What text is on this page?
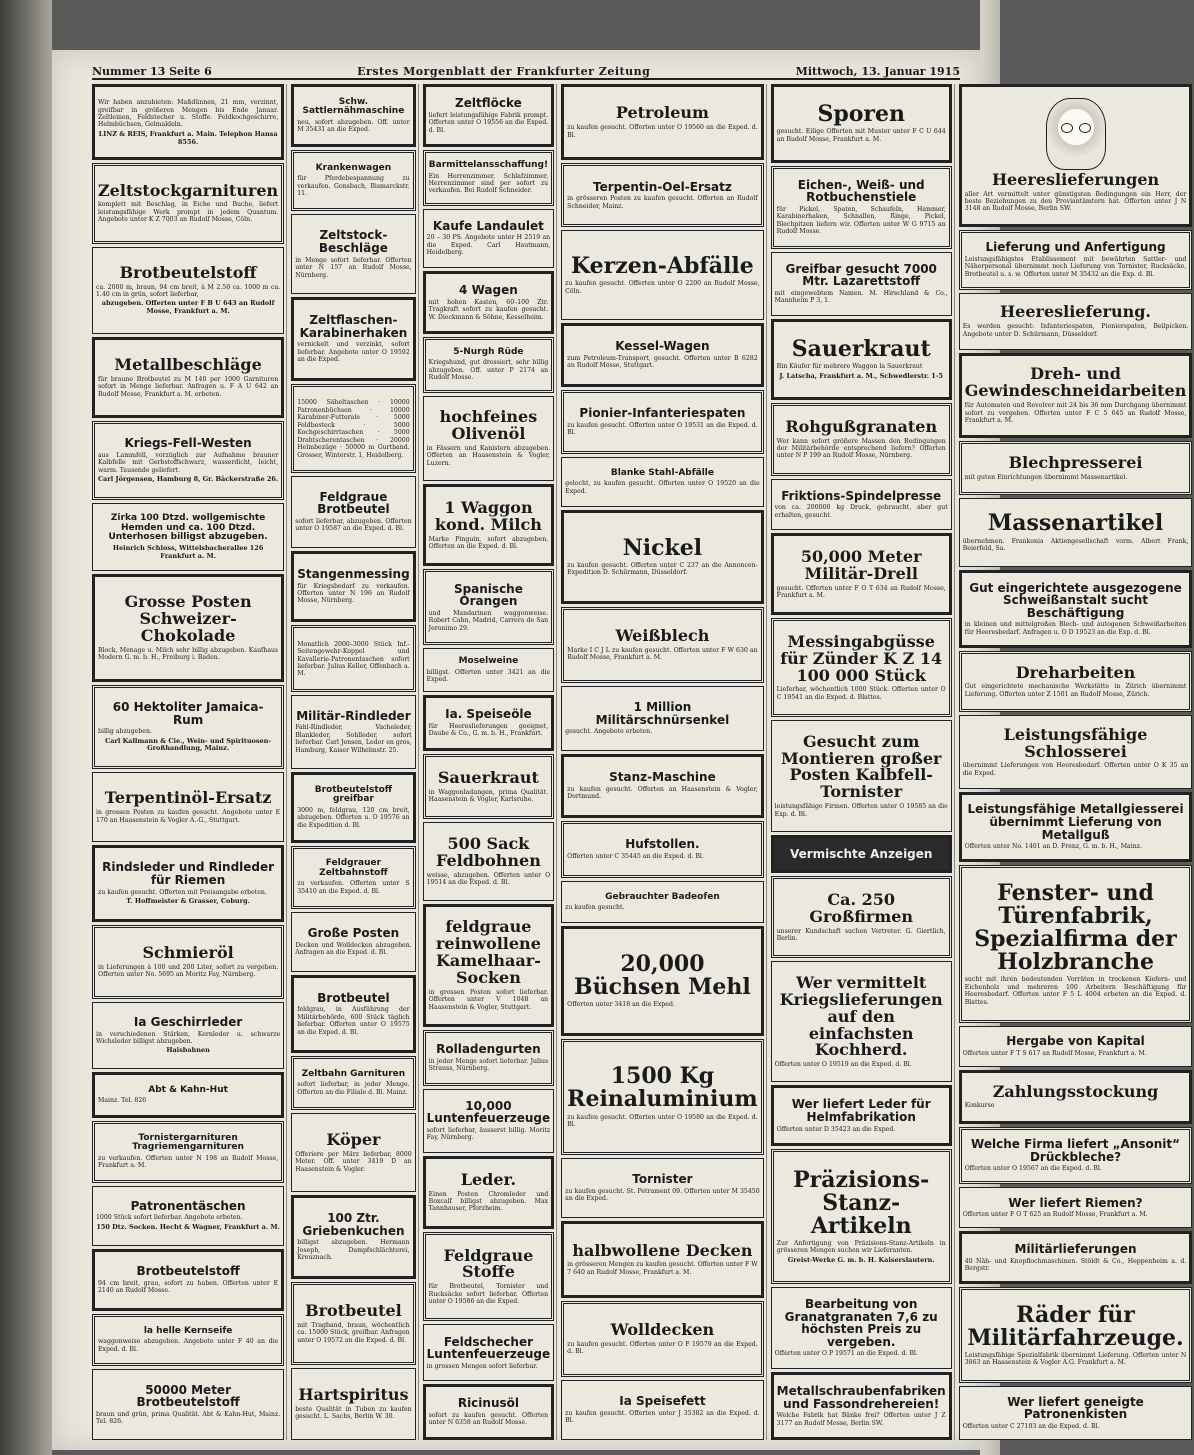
Nummer 13 Seite 6	Erstes Morgenblatt der Frankfurter Zeitung	Mittwoch, 13. Januar 1915
Wir haben anzubieten: Maßdünnen, 21 mm, verzinnt, greifbar in größeren Mengen bis Ende Januar. Zeltleinen, Feldstecher u. Stoffe. Feldkochgeschirre, Helmbüchsen, Gelmaldeln.
LINZ & REIS, Frankfurt a. Main. Telephon Hansa 8556.
Zeltstockgarnituren
komplett mit Beschlag, in Eiche und Buche, liefert leistungsfähige Werk prompt in jedem Quantum. Angebote unter K Z 7003 an Rudolf Mosse, Cöln.
Brotbeutelstoff
ca. 2000 m, braun, 94 cm breit, à M 2.50 ca. 1000 m ca. 1.40 cm in grün, sofort lieferbar,
abzugeben. Offerten unter F B U 643 an Rudolf Mosse, Frankfurt a. M.
Metallbeschläge
für braune Brotbeutel zu M 140 per 1000 Garnituren sofort in Menge lieferbar. Anfragen u. F A U 642 an Rudolf Mosse, Frankfurt a. M. erbeten.
Kriegs-Fell-Westen
aus Lammfell, vorzüglich zur Aufnahme brauner Kalbfelle mit Gerbstoffschwarz, wasserdicht, leicht, warm. Tausende geliefert.
Carl Jörgensen, Hamburg 8, Gr. Bäckerstraße 26.
Zirka 100 Dtzd. wollgemischte Hemden und ca. 100 Dtzd. Unterhosen billigst abzugeben.
Heinrich Schloss, Wittelsbacherallee 126 Frankfurt a. M.
Grosse Posten Schweizer-Chokolade
Block, Menage u. Milch sehr billig abzugeben. Kaufhaus Modern G. m. b. H., Freiburg i. Baden.
60 Hektoliter Jamaica-Rum
billig abzugeben.
Carl Kallmann & Cie., Wein- und Spirituosen-Großhandlung, Mainz.
Terpentinöl-Ersatz
in grossen Posten zu kaufen gesucht. Angebote unter E 170 an Haasenstein & Vogler A.-G., Stuttgart.
Rindsleder und Rindleder für Riemen
zu kaufen gesucht. Offerten mit Preisangabe erbeten.
T. Hoffmeister & Grasser, Coburg.
Schmieröl
in Lieferungen à 100 und 200 Liter, sofort zu vergeben. Offerten unter No. 5695 an Moritz Fay, Nürnberg.
Ia Geschirrleder
in verschiedenen Stärken, Kernleder u. schwarze Wichsleder billigst abzugeben.
Haisbahnen
Abt & Kahn-Hut
Mainz. Tel. 826
Tornistergarnituren Tragriemengarnituren
zu verkaufen. Offerten unter N 198 an Rudolf Mosse, Frankfurt a. M.
Patronentäschen
1000 Stück sofort lieferbar. Angebote erbeten.
150 Dtz. Socken. Hecht & Wagner, Frankfurt a. M.
Brotbeutelstoff
94 cm breit, grau, sofort zu haben. Offerten unter E 2140 an Rudolf Mosse.
la helle Kernseife
waggonweise abzugeben. Angebote unter F 40 an die Exped. d. Bl.
50000 Meter Brotbeutelstoff
braun und grün, prima Qualität. Abt & Kahn-Hut, Mainz. Tel. 826.
Schw. Sattlernähmaschine
neu, sofort abzugeben. Off. unter M 35431 an die Exped.
Krankenwagen
für Pferdebespannung zu verkaufen. Gonsbach, Bismarckstr. 11.
Zeltstock-Beschläge
in Menge sofort lieferbar. Offerten unter N 157 an Rudolf Mosse, Nürnberg.
Zeltflaschen-Karabinerhaken
vernickelt und verzinkt, sofort lieferbar. Angebote unter O 19592 an die Exped.
15000 Säbeltaschen · 10000 Patronenbüchsen · 10000 Karabiner-Futterale · 5000 Feldbesteck · 5000 Kochgeschirrtaschen · 5000 Drahtscherentaschen · 20000 Helmbezüge · 50000 m Gurtband. Grosser, Winterstr. 1, Heidelberg.
Feldgraue Brotbeutel
sofort lieferbar, abzugeben. Offerten unter O 19587 an die Exped. d. Bl.
Stangenmessing
für Kriegsbedarf zu verkaufen. Offerten unter N 196 an Rudolf Mosse, Nürnberg.
Monatlich 2000–3000 Stück Inf.-Seitengewehr-Koppel und Kavallerie-Patronentaschen sofort lieferbar. Julius Keller, Offenbach a. M.
Militär-Rindleder
Fahl-Rindleder, Vacheleder, Blankleder, Sohlleder, sofort lieferbar. Carl Jensen, Leder en gros, Hamburg, Kaiser Wilhelmstr. 25.
Brotbeutelstoff greifbar
3000 m, feldgrau, 120 cm breit, abzugeben. Offerten u. O 19576 an die Expedition d. Bl.
Feldgrauer Zeltbahnstoff
zu verkaufen. Offerten unter S 35410 an die Exped. d. Bl.
Große Posten
Decken und Wolldecken abzugeben. Anfragen an die Exped. d. Bl.
Brotbeutel
feldgrau, in Ausführung der Militärbehörde, 600 Stück täglich lieferbar. Offerten unter O 19575 an die Exped. d. Bl.
Zeltbahn Garnituren
sofort lieferbar, in jeder Menge. Offerten an die Filiale d. Bl. Mainz.
Köper
Offeriere per März lieferbar, 8000 Meter. Off. unter 3419 D an Haasenstein & Vogler.
100 Ztr. Griebenkuchen
billigst abzugeben. Hermann Joseph, Dampfschlächterei, Kreuznach.
Brotbeutel
mit Tragband, braun, wöchentlich ca. 15000 Stück, greifbar. Anfragen unter O 19572 an die Exped. d. Bl.
Hartspiritus
beste Qualität in Tuben zu kaufen gesucht. L. Sachs, Berlin W. 30.
Zeltflöcke
liefert leistungsfähige Fabrik prompt. Offerten unter O 19556 an die Exped. d. Bl.
Barmittelansschaffung!
Ein Herrenzimmer, Schlafzimmer, Herrenzimmer sind per sofort zu verkaufen. Bei Rudolf Schneider.
Kaufe Landaulet
20 – 30 PS. Angebote unter H 2519 an die Exped. Carl Hautmann, Heidelberg.
4 Wagen
mit hohen Kasten, 60–100 Ztr. Tragkraft sofort zu kaufen gesucht. W. Dieckmann & Söhne, Kesselheim.
5-Nurgh Rüde
Kriegshund, gut dressiert, sehr billig abzugeben. Off. unter P 2174 an Rudolf Mosse.
hochfeines Olivenöl
in Fässern und Kanistern abzugeben. Offerten an Haasenstein & Vogler, Luzern.
1 Waggon kond. Milch
Marke Pinguin, sofort abzugeben. Offerten an die Exped. d. Bl.
Spanische Orangen
und Mandarinen waggonweise. Robert Cahn, Madrid, Carrera de San Jeronimo 29.
Moselweine
billigst. Offerten unter 3421 an die Exped.
Ia. Speiseöle
für Heereslieferungen geeignet, Daube & Co., G. m. b. H., Frankfurt.
Sauerkraut
in Waggonladungen, prima Qualität. Haasenstein & Vogler, Karlsruhe.
500 Sack Feldbohnen
weisse, abzugeben. Offerten unter O 19514 an die Exped. d. Bl.
feldgraue reinwollene Kamelhaar-Socken
in grossen Posten sofort lieferbar. Offerten unter V 1048 an Haasenstein & Vogler, Stuttgart.
Rolladengurten
in jeder Menge sofort lieferbar. Julius Strauss, Nürnberg.
10,000 Luntenfeuerzeuge
sofort lieferbar, äusserst billig. Moritz Fay, Nürnberg.
Leder.
Einen Posten Chromleder und Boxcalf billigst abzugeben. Max Tannhauser, Pforzheim.
Feldgraue Stoffe
für Brotbeutel, Tornister und Rucksäcke sofort lieferbar. Offerten unter O 19586 an die Exped.
Feldschecher Luntenfeuerzeuge
in grossen Mengen sofort lieferbar.
Ricinusöl
sofort zu kaufen gesucht. Offerten unter N 6358 an Rudolf Mosse.
Petroleum
zu kaufen gesucht. Offerten unter O 19560 an die Exped. d. Bl.
Terpentin-Oel-Ersatz
in grösseren Posten zu kaufen gesucht. Offerten an Rudolf Schneider, Mainz.
Kerzen-Abfälle
zu kaufen gesucht. Offerten unter O 2200 an Rudolf Mosse, Cöln.
Kessel-Wagen
zum Petroleum-Transport, gesucht. Offerten unter B 6282 an Rudolf Mosse, Stuttgart.
Pionier-Infanteriespaten
zu kaufen gesucht. Offerten unter O 19531 an die Exped. d. Bl.
Blanke Stahl-Abfälle
gelocht, zu kaufen gesucht. Offerten unter O 19520 an die Exped.
Nickel
zu kaufen gesucht. Offerten unter C 237 an die Annoncen-Expedition D. Schürmann, Düsseldorf.
Weißblech
Marke I C J L zu kaufen gesucht. Offerten unter F W 630 an Rudolf Mosse, Frankfurt a. M.
1 Million Militärschnürsenkel
gesucht. Angebote erbeten.
Stanz-Maschine
zu kaufen gesucht. Offerten an Haasenstein & Vogler, Dortmund.
Hufstollen.
Offerten unter C 35445 an die Exped. d. Bl.
Gebrauchter Badeofen
zu kaufen gesucht.
20,000 Büchsen Mehl
Offerten unter 3418 an die Exped.
1500 Kg Reinaluminium
zu kaufen gesucht. Offerten unter O 19580 an die Exped. d. Bl.
Tornister
zu kaufen gesucht. St. Petrament 09. Offerten unter M 35450 an die Exped.
halbwollene Decken
in grösseren Mengen zu kaufen gesucht. Offerten unter F W 7 640 an Rudolf Mosse, Frankfurt a. M.
Wolldecken
zu kaufen gesucht. Offerten unter O F 19579 an die Exped. d. Bl.
Ia Speisefett
zu kaufen gesucht. Offerten unter J 35382 an die Exped. d. Bl.
Sporen
gesucht. Eilige Offerten mit Muster unter F C U 644 an Rudolf Mosse, Frankfurt a. M.
Eichen-, Weiß- und Rotbuchenstiele
für Pickel, Spaten, Schaufeln, Hammer, Karabinerhaken, Schnallen, Ringe, Pickel, Blechpitzen liefern wir. Offerten unter W G 9715 an Rudolf Mosse.
Greifbar gesucht 7000 Mtr. Lazarettstoff
mit eingewebtem Namen. M. Hirschland & Co., Mannheim P 3, 1.
Sauerkraut
Bin Käufer für mehrere Waggon la Sauerkraut
J. Latscha, Frankfurt a. M., Schwedlerstr. 1-5
Rohgußgranaten
Wer kann sofort größere Massen den Bedingungen der Militärbehörde entsprechend liefern? Offerten unter N P 199 an Rudolf Mosse, Nürnberg.
Friktions-Spindelpresse
von ca. 200000 kg Druck, gebraucht, aber gut erhalten, gesucht.
50,000 Meter Militär-Drell
gesucht. Offerten unter F O T 634 an Rudolf Mosse, Frankfurt a. M.
Messingabgüsse für Zünder K Z 14 100 000 Stück
Lieferbar, wöchentlich 1000 Stück. Offerten unter O C 19541 an die Exped. d. Blattes.
Gesucht zum Montieren großer Posten Kalbfell-Tornister
leistungsfähige Firmen. Offerten unter O 19585 an die Exp. d. Bl.
Vermischte Anzeigen
Ca. 250 Großfirmen
unserer Kundschaft suchen Vertreter. G. Giertlich, Berlin.
Wer vermittelt Kriegslieferungen auf den einfachsten Kochherd.
Offerten unter O 19519 an die Exped. d. Bl.
Wer liefert Leder für Helmfabrikation
Offerten unter D 35423 an die Exped.
Präzisions-Stanz-Artikeln
Zur Anfertigung von Präzisions-Stanz-Artikeln in grösseren Mengen suchen wir Lieferanten.
Greist-Werke G. m. b. H. Kaiserslautern.
Bearbeitung von Granatgranaten 7,6 zu höchsten Preis zu vergeben.
Offerten unter O P 19571 an die Exped. d. Bl.
Metallschraubenfabriken und Fassondrehereien!
Welche Fabrik hat Bänke frei? Offerten unter J Z 3177 an Rudolf Mosse, Berlin SW.
Heereslieferungen
aller Art vermittelt unter günstigsten Bedingungen ein Herr, der beste Beziehungen zu den Proviantämtern hat. Offerten unter J N 3148 an Rudolf Mosse, Berlin SW.
Lieferung und Anfertigung
Leistungsfähigstes Etablissement mit bewährten Sattler- und Näherpersonal übernimmt noch Lieferung von Tornister, Rucksäcke, Brotbeutel u. s. w. Offerten unter M 35432 an die Exp. d. Bl.
Heereslieferung.
Es werden gesucht: Infanteriespaten, Pionierspaten, Beilpicken. Angebote unter D. Schürmann, Düsseldorf.
Dreh- und Gewindeschneidarbeiten
für Automaten und Revolver mit 24 bis 36 mm Durchgang übernimmt sofort zu vergeben. Offerten unter F C 5 645 an Rudolf Mosse, Frankfurt a. M.
Blechpresserei
mit guten Einrichtungen übernimmt Massenartikel.
Massenartikel
übernehmen. Frankonia Aktiengesellschaft vorm. Albert Frank, Beierfeld, Sa.
Gut eingerichtete ausgezogene Schweißanstalt sucht Beschäftigung
in kleinen und mittelgroßen Blech- und autogenen Schweißarbeiten für Heeresbedarf. Anfragen u. O D 19523 an die Exp. d. Bl.
Dreharbeiten
Gut eingerichtete mechanische Werkstätte in Zürich übernimmt Lieferung. Offerten unter Z 1501 an Rudolf Mosse, Zürich.
Leistungsfähige Schlosserei
übernimmt Lieferungen von Heeresbedarf. Offerten unter O K 35 an die Exped.
Leistungsfähige Metallgiesserei übernimmt Lieferung von Metallguß
Offerten unter No. 1401 an D. Frenz, G. m. b. H., Mainz.
Fenster- und Türenfabrik, Spezialfirma der Holzbranche
sucht mit ihren bedeutenden Vorräten in trockenen Kiefern- und Eichenholz und mehreren 100 Arbeitern Beschäftigung für Heeresbedarf. Offerten unter F 5 L 4004 erbeten an die Exped. d. Blattes.
Hergabe von Kapital
Offerten unter F T S 617 an Rudolf Mosse, Frankfurt a. M.
Zahlungsstockung
Konkurse
Welche Firma liefert „Ansonit“ Drückbleche?
Offerten unter O 19567 an die Exped. d. Bl.
Wer liefert Riemen?
Offerten unter F O T 625 an Rudolf Mosse, Frankfurt a. M.
Militärlieferungen
40 Näh- und Knopflochmaschinen. Stöldt & Co., Heppenheim a. d. Bergstr.
Räder für Militärfahrzeuge.
Leistungsfähige Spezialfabrik übernimmt Lieferung. Offerten unter N 3863 an Haasenstein & Vogler A.G. Frankfurt a. M.
Wer liefert geneigte Patronenkisten
Offerten unter C 27103 an die Exped. d. Bl.
